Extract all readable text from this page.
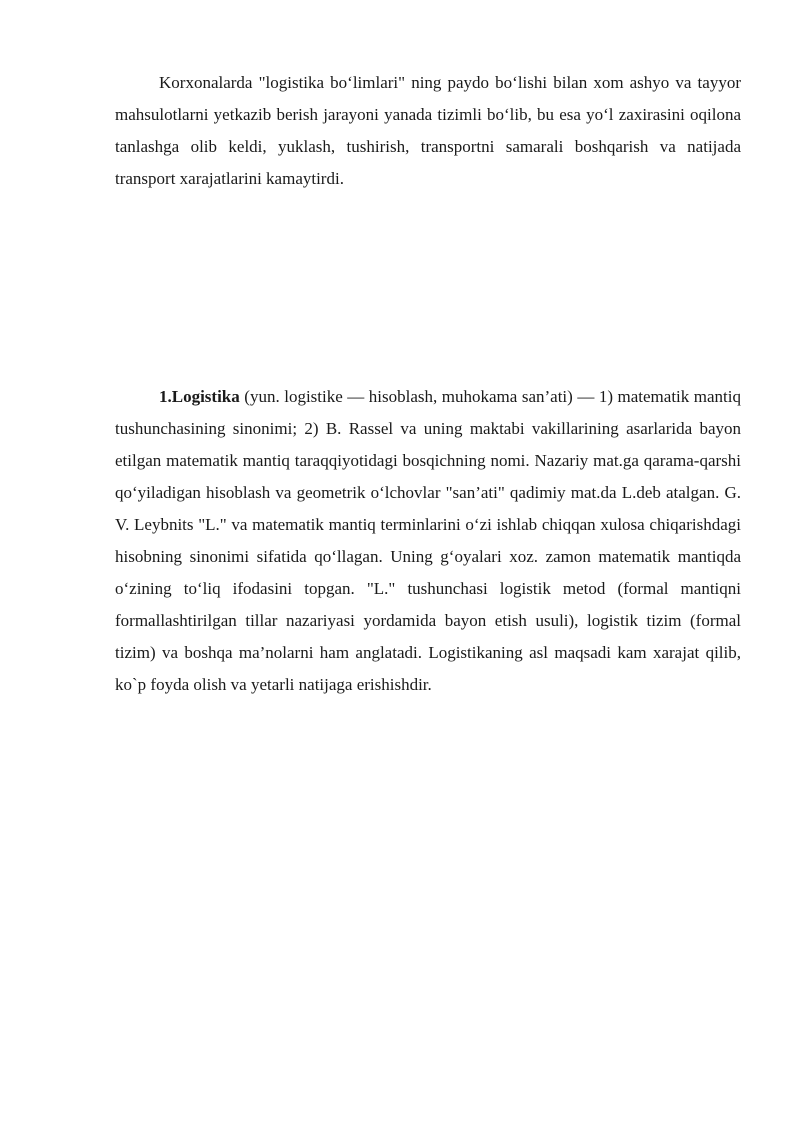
Korxonalarda "logistika bo‘limlari" ning paydo bo‘lishi bilan xom ashyo va tayyor mahsulotlarni yetkazib berish jarayoni yanada tizimli bo‘lib, bu esa yo‘l zaxirasini oqilona tanlashga olib keldi, yuklash, tushirish, transportni samarali boshqarish va natijada transport xarajatlarini kamaytirdi.

1.Logistika (yun. logistike — hisoblash, muhokama san’ati) — 1) matematik mantiq tushunchasining sinonimi; 2) B. Rassel va uning maktabi vakillarining asarlarida bayon etilgan matematik mantiq taraqqiyotidagi bosqichning nomi. Nazariy mat.ga qarama-qarshi qo‘yiladigan hisoblash va geometrik o‘lchovlar "san’ati" qadimiy mat.da L.deb atalgan. G. V. Leybnits "L." va matematik mantiq terminlarini o‘zi ishlab chiqqan xulosa chiqarishdagi hisobning sinonimi sifatida qo‘llagan. Uning g‘oyalari xoz. zamon matematik mantiqda o‘zining to‘liq ifodasini topgan. "L." tushunchasi logistik metod (formal mantiqni formallashtirilgan tillar nazariyasi yordamida bayon etish usuli), logistik tizim (formal tizim) va boshqa ma’nolarni ham anglatadi. Logistikaning asl maqsadi kam xarajat qilib, ko`p foyda olish va yetarli natijaga erishishdir.
